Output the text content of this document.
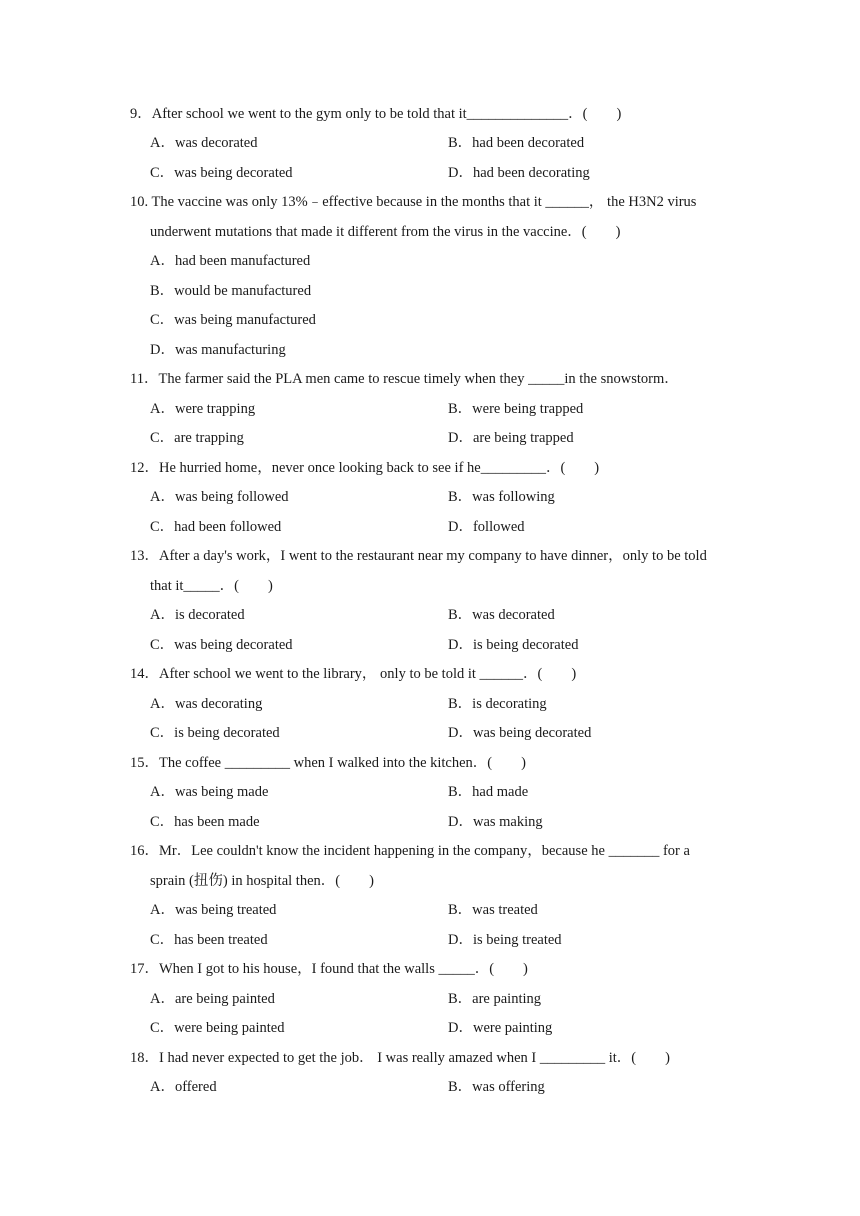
9．After school we went to the gym only to be told that it______________．(　　)
A．was decorated	B．had been decorated
C．was being decorated	D．had been decorating
10. The vaccine was only 13%﹣effective because in the months that it ______， the H3N2 virus
underwent mutations that made it different from the virus in the vaccine．(　　)
A．had been manufactured
B．would be manufactured
C．was being manufactured
D．was manufacturing
11．The farmer said the PLA men came to rescue timely when they _____in the snowstorm．
A．were trapping	B．were being trapped
C．are trapping	D．are being trapped
12．He hurried home，never once looking back to see if he_________．(　　)
A．was being followed	B．was following
C．had been followed	D．followed
13．After a day's work，I went to the restaurant near my company to have dinner，only to be told
that it_____．(　　)
A．is decorated	B．was decorated
C．was being decorated	D．is being decorated
14．After school we went to the library， only to be told it ______．(　　)
A．was decorating	B．is decorating
C．is being decorated	D．was being decorated
15．The coffee _________ when I walked into the kitchen．(　　)
A．was being made	B．had made
C．has been made	D．was making
16．Mr．Lee couldn't know the incident happening in the company，because he _______ for a
sprain (扭伤) in hospital then．(　　)
A．was being treated	B．was treated
C．has been treated	D．is being treated
17．When I got to his house，I found that the walls _____．(　　)
A．are being painted	B．are painting
C．were being painted	D．were painting
18．I had never expected to get the job． I was really amazed when I _________ it．(　　)
A．offered	B．was offering
